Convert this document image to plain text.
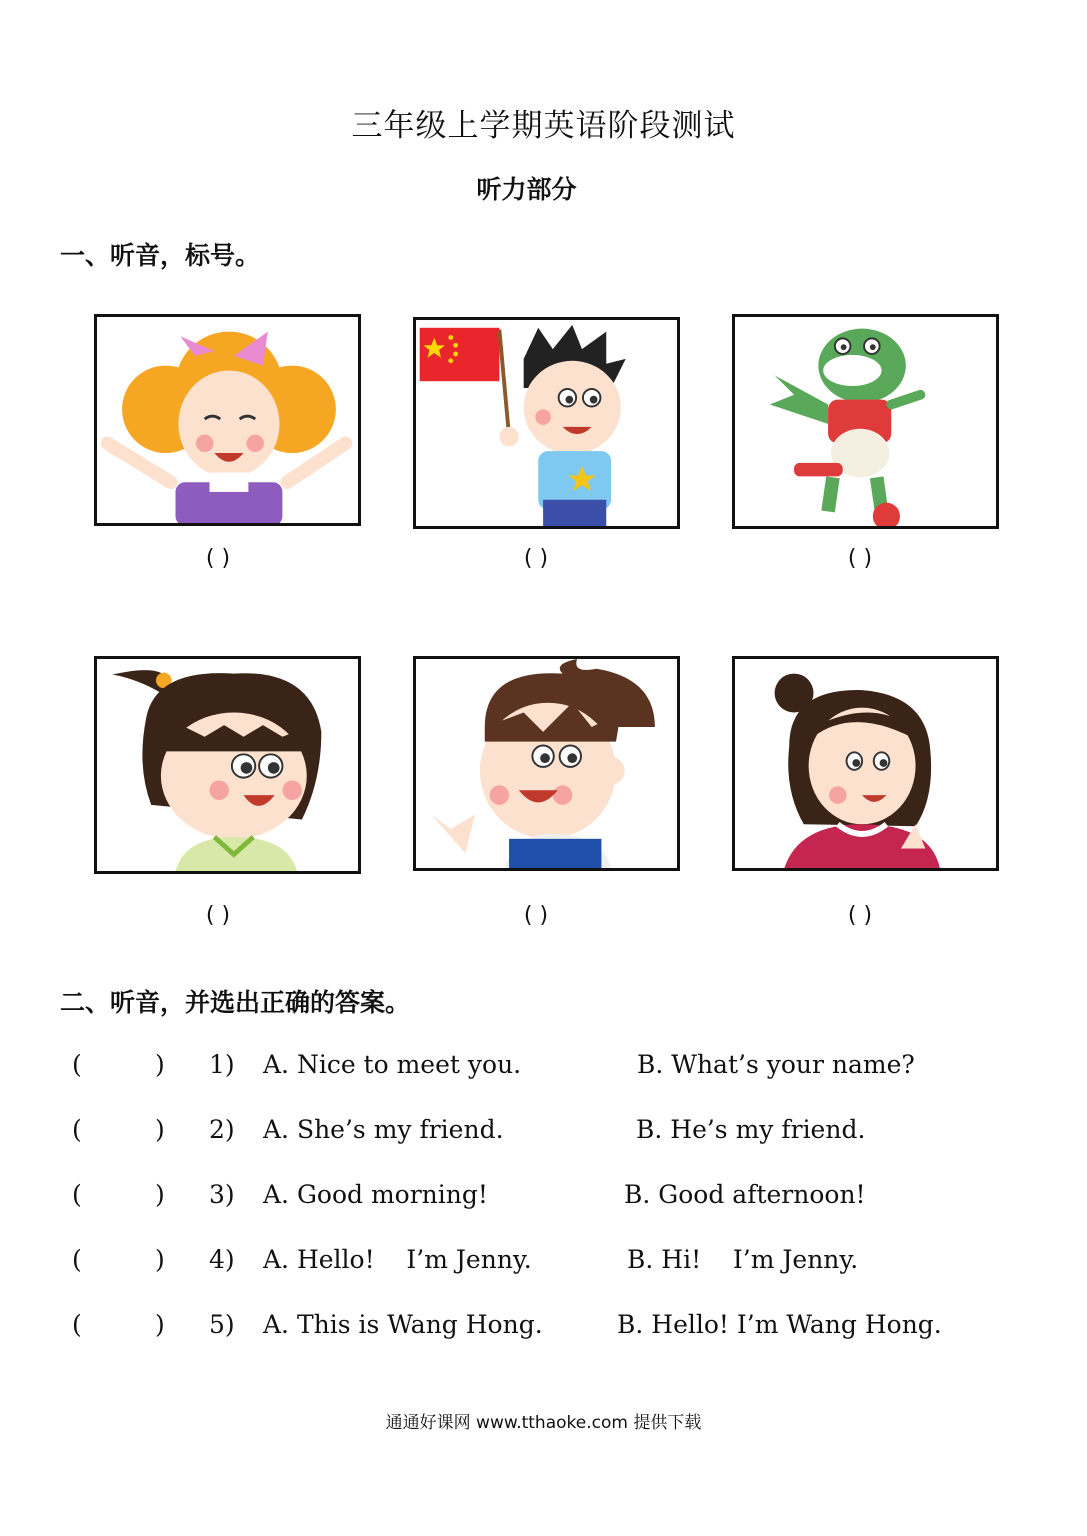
三年级上学期英语阶段测试
听力部分
一、听音，标号。
( )	( )	( )
( )	( )	( )
二、听音，并选出正确的答案。
(	) 1) A. Nice to meet you.	B. What’s your name?
(	) 2) A. She’s my friend.	B. He’s my friend.
(	) 3) A. Good morning!	B. Good afternoon!
(	) 4) A. Hello!    I’m Jenny.	B. Hi!    I’m Jenny.
(	) 5) A. This is Wang Hong.	B. Hello! I’m Wang Hong.
通通好课网 www.tthaoke.com 提供下载
